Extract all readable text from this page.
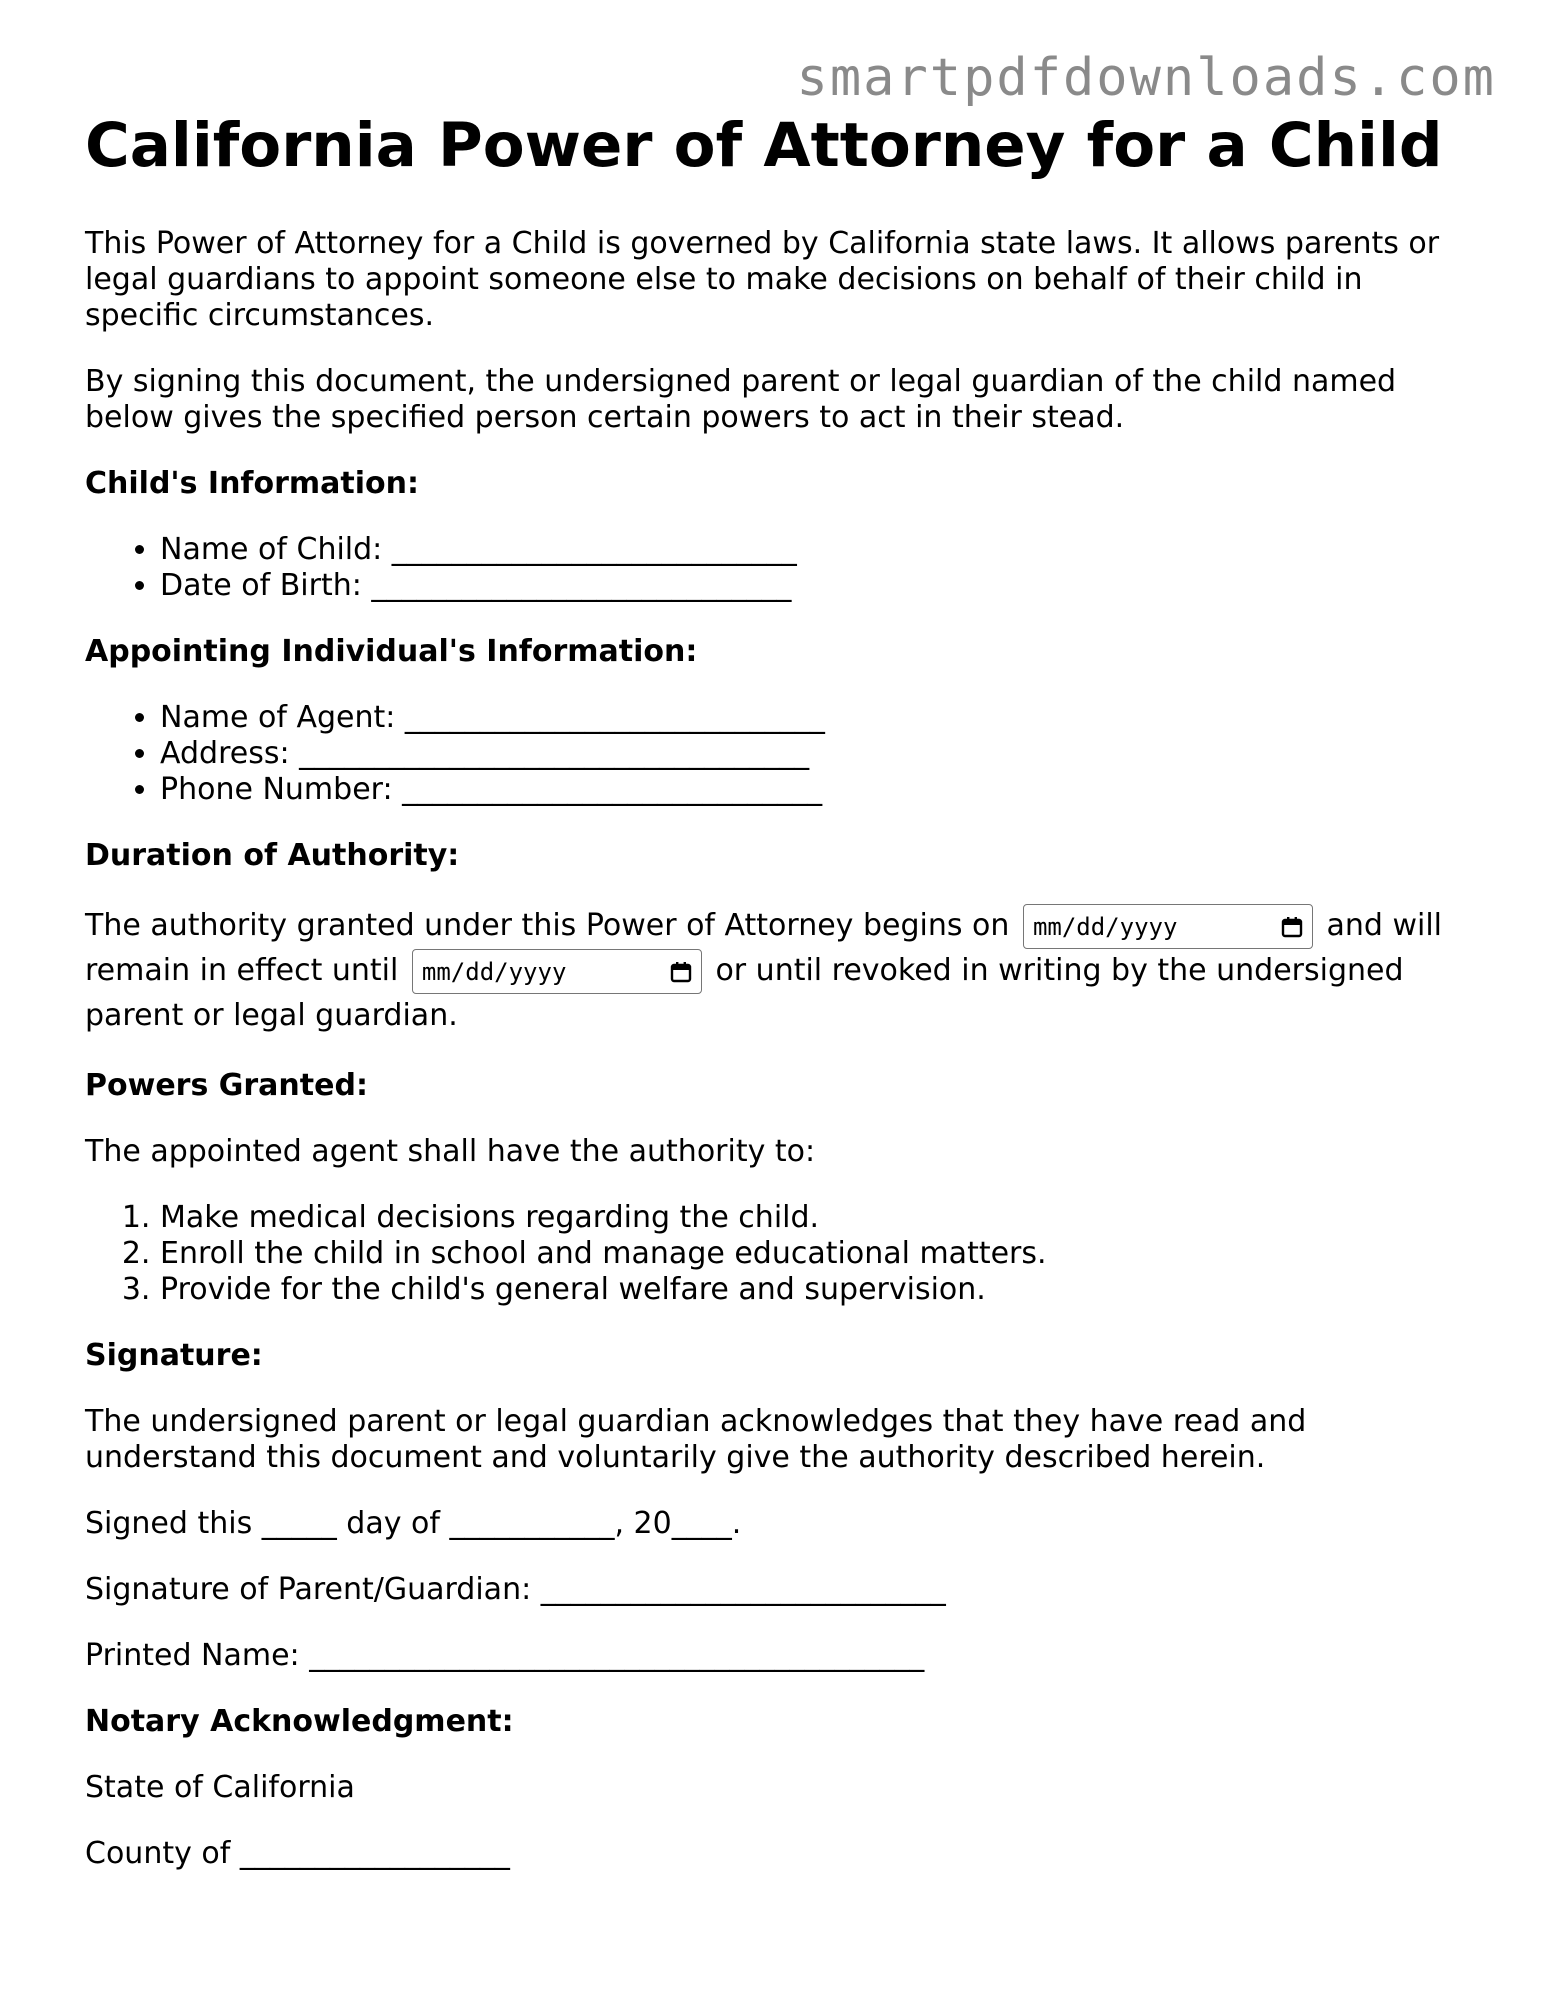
smartpdfdownloads.com
California Power of Attorney for a Child

This Power of Attorney for a Child is governed by California state laws. It allows parents or legal guardians to appoint someone else to make decisions on behalf of their child in specific circumstances.

By signing this document, the undersigned parent or legal guardian of the child named below gives the specified person certain powers to act in their stead.

Child's Information:

• Name of Child: ___________________________
• Date of Birth: ____________________________

Appointing Individual's Information:

• Name of Agent: ____________________________
• Address: __________________________________
• Phone Number: ____________________________

Duration of Authority:

The authority granted under this Power of Attorney begins on mm/dd/yyyy	and will remain in effect until mm/dd/yyyy	or until revoked in writing by the undersigned parent or legal guardian.

Powers Granted:

The appointed agent shall have the authority to:

1. Make medical decisions regarding the child.
2. Enroll the child in school and manage educational matters.
3. Provide for the child's general welfare and supervision.

Signature:

The undersigned parent or legal guardian acknowledges that they have read and understand this document and voluntarily give the authority described herein.

Signed this _____ day of ___________, 20____.

Signature of Parent/Guardian: ___________________________

Printed Name: _________________________________________

Notary Acknowledgment:

State of California

County of __________________
